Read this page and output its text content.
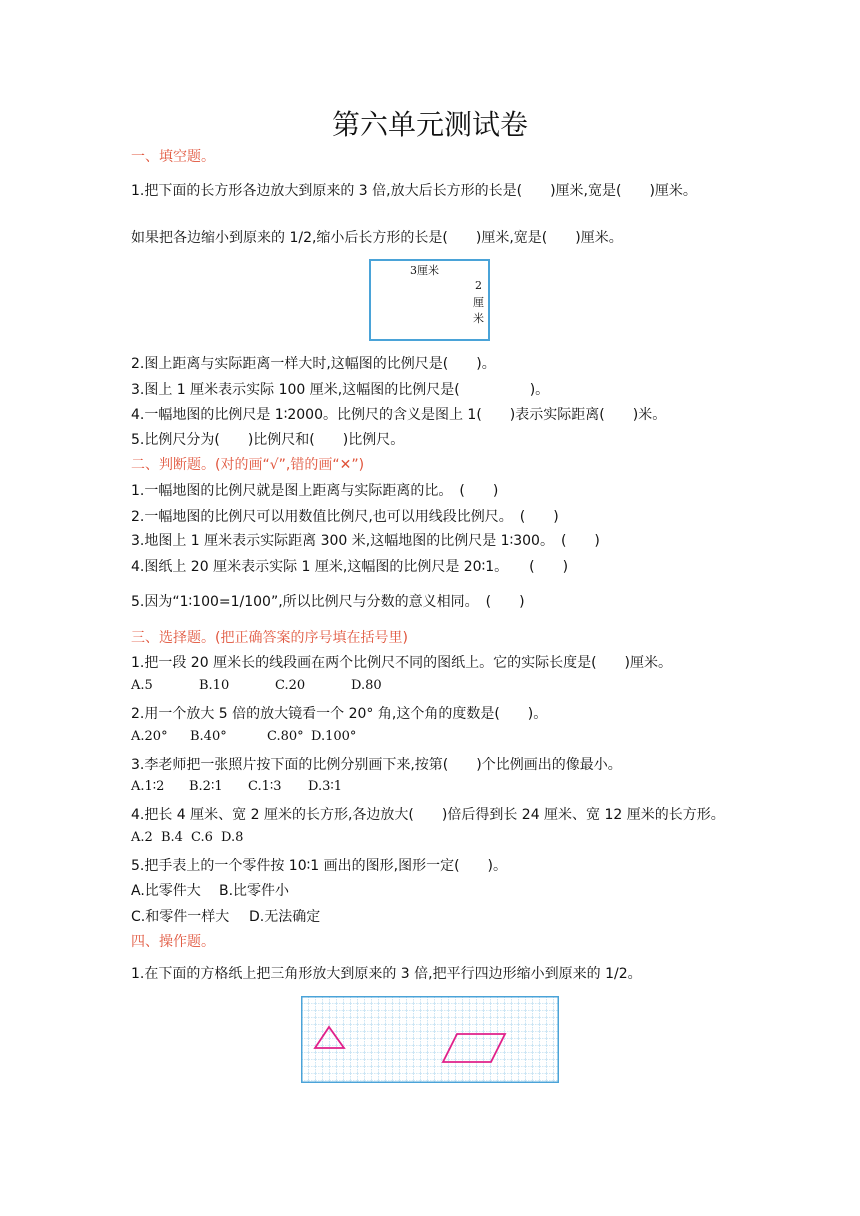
第六单元测试卷
一、填空题。
1.把下面的长方形各边放大到原来的 3 倍,放大后长方形的长是(　　)厘米,宽是(　　)厘米。
如果把各边缩小到原来的 1/2,缩小后长方形的长是(　　)厘米,宽是(　　)厘米。
3厘米
2
厘
米
2.图上距离与实际距离一样大时,这幅图的比例尺是(　　)。
3.图上 1 厘米表示实际 100 厘米,这幅图的比例尺是(　　　　　)。
4.一幅地图的比例尺是 1∶2000。比例尺的含义是图上 1(　　)表示实际距离(　　)米。
5.比例尺分为(　　)比例尺和(　　)比例尺。
二、判断题。(对的画“√”,错的画“✕”)
1.一幅地图的比例尺就是图上距离与实际距离的比。　(　　)
2.一幅地图的比例尺可以用数值比例尺,也可以用线段比例尺。　(　　)
3.地图上 1 厘米表示实际距离 300 米,这幅地图的比例尺是 1∶300。　(　　)
4.图纸上 20 厘米表示实际 1 厘米,这幅图的比例尺是 20∶1。　　(　　)
5.因为“1∶100=1/100”,所以比例尺与分数的意义相同。　(　　)
三、选择题。(把正确答案的序号填在括号里)
1.把一段 20 厘米长的线段画在两个比例尺不同的图纸上。它的实际长度是(　　)厘米。
A.5	B.10	C.20	D.80
2.用一个放大 5 倍的放大镜看一个 20° 角,这个角的度数是(　　)。
A.20° B.40°	C.80° D.100°
3.李老师把一张照片按下面的比例分别画下来,按第(　　)个比例画出的像最小。
A.1∶2 B.2∶1 C.1∶3 D.3∶1
4.把长 4 厘米、宽 2 厘米的长方形,各边放大(　　)倍后得到长 24 厘米、宽 12 厘米的长方形。
A.2 B.4 C.6 D.8
5.把手表上的一个零件按 10∶1 画出的图形,图形一定(　　)。
A.比零件大 B.比零件小
C.和零件一样大 D.无法确定
四、操作题。
1.在下面的方格纸上把三角形放大到原来的 3 倍,把平行四边形缩小到原来的 1/2。
